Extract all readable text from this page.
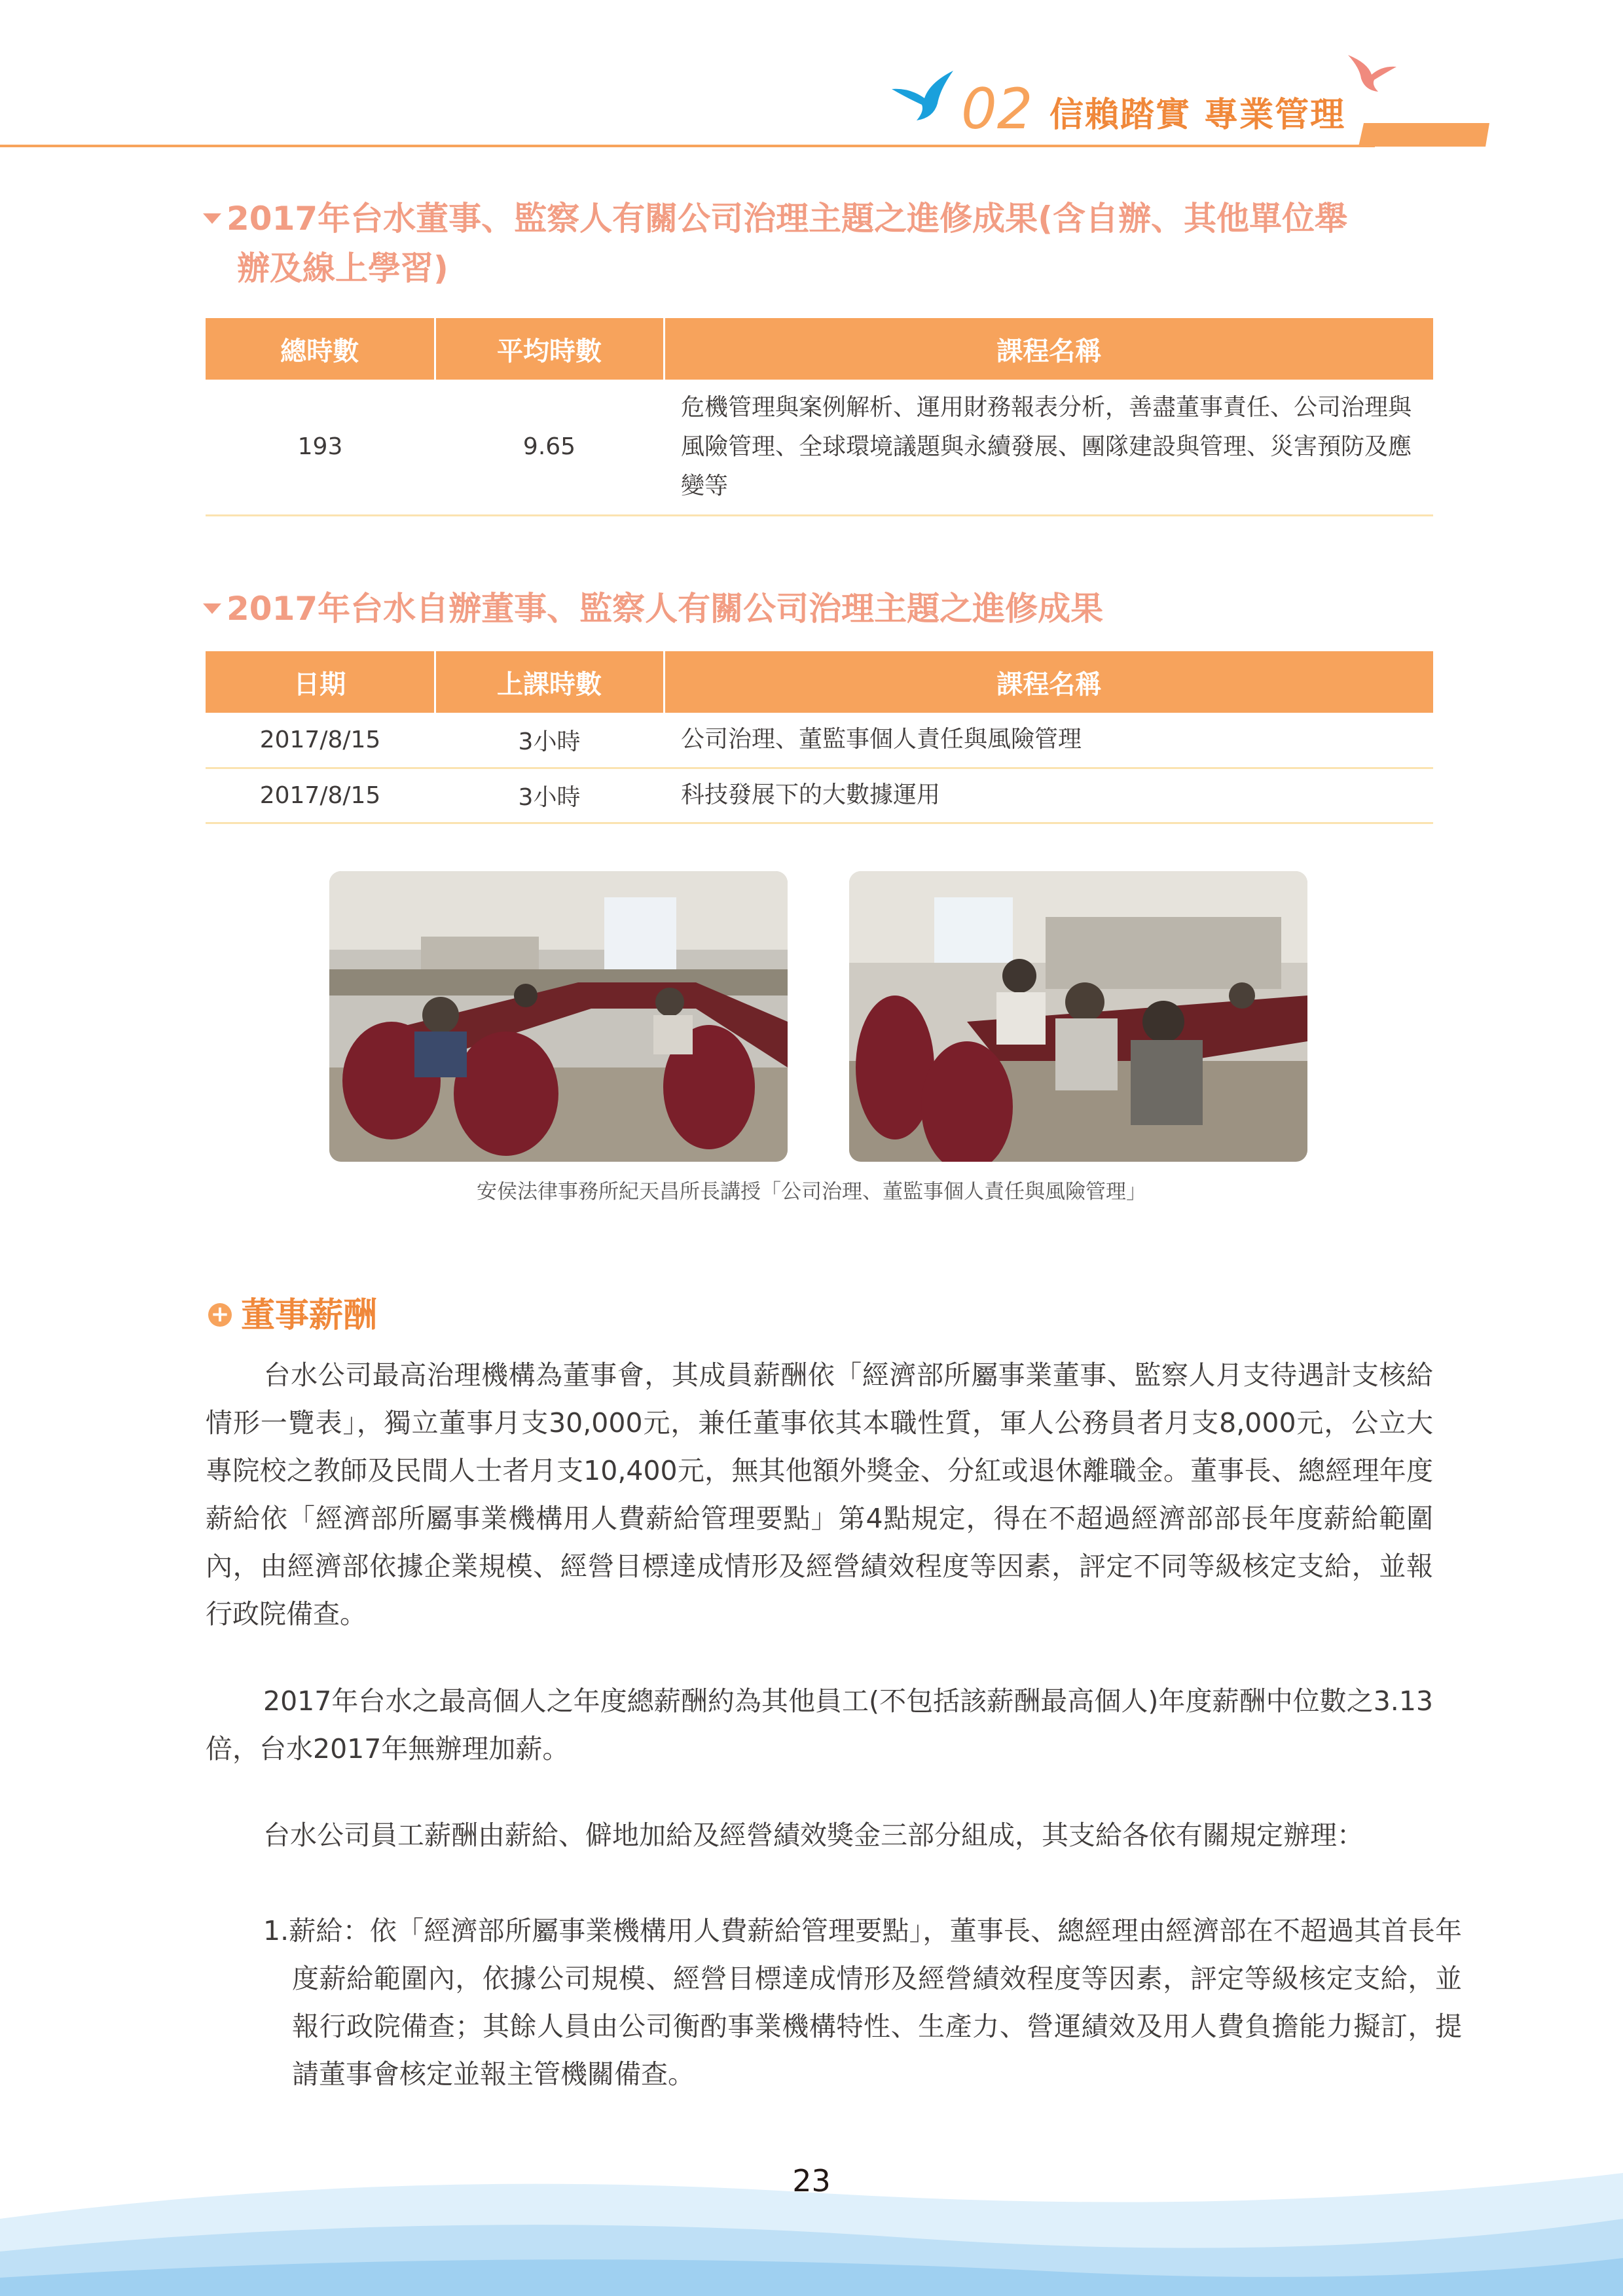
02 信賴踏實 專業管理
2017年台水董事、監察人有關公司治理主題之進修成果(含自辦、其他單位舉
辦及線上學習)
總時數	平均時數	課程名稱
193	9.65	危機管理與案例解析、運用財務報表分析，善盡董事責任、公司治理與風險管理、全球環境議題與永續發展、團隊建設與管理、災害預防及應變等
2017年台水自辦董事、監察人有關公司治理主題之進修成果
日期	上課時數	課程名稱
2017/8/15	3小時	公司治理、董監事個人責任與風險管理
2017/8/15	3小時	科技發展下的大數據運用
安侯法律事務所紀天昌所長講授「公司治理、董監事個人責任與風險管理」
+ 董事薪酬
台水公司最高治理機構為董事會，其成員薪酬依「經濟部所屬事業董事、監察人月支待遇計支核給情形一覽表」，獨立董事月支30,000元，兼任董事依其本職性質，軍人公務員者月支8,000元，公立大專院校之教師及民間人士者月支10,400元，無其他額外獎金、分紅或退休離職金。董事長、總經理年度薪給依「經濟部所屬事業機構用人費薪給管理要點」第4點規定，得在不超過經濟部部長年度薪給範圍內，由經濟部依據企業規模、經營目標達成情形及經營績效程度等因素，評定不同等級核定支給，並報行政院備查。
2017年台水之最高個人之年度總薪酬約為其他員工(不包括該薪酬最高個人)年度薪酬中位數之3.13倍，台水2017年無辦理加薪。
台水公司員工薪酬由薪給、僻地加給及經營績效獎金三部分組成，其支給各依有關規定辦理：
1.薪給：依「經濟部所屬事業機構用人費薪給管理要點」，董事長、總經理由經濟部在不超過其首長年度薪給範圍內，依據公司規模、經營目標達成情形及經營績效程度等因素，評定等級核定支給，並報行政院備查；其餘人員由公司衡酌事業機構特性、生產力、營運績效及用人費負擔能力擬訂，提請董事會核定並報主管機關備查。
23
